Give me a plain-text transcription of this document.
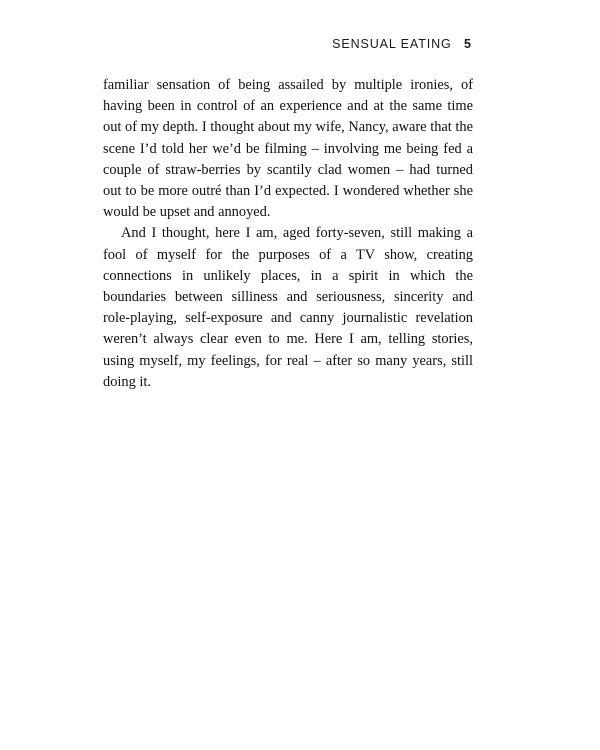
SENSUAL EATING 5

familiar sensation of being assailed by multiple ironies, of having been in control of an experience and at the same time out of my depth. I thought about my wife, Nancy, aware that the scene I’d told her we’d be filming – involving me being fed a couple of straw-berries by scantily clad women – had turned out to be more outré than I’d expected. I wondered whether she would be upset and annoyed.

And I thought, here I am, aged forty-seven, still making a fool of myself for the purposes of a TV show, creating connections in unlikely places, in a spirit in which the boundaries between silliness and seriousness, sincerity and role-playing, self-exposure and canny journalistic revelation weren’t always clear even to me. Here I am, telling stories, using myself, my feelings, for real – after so many years, still doing it.
